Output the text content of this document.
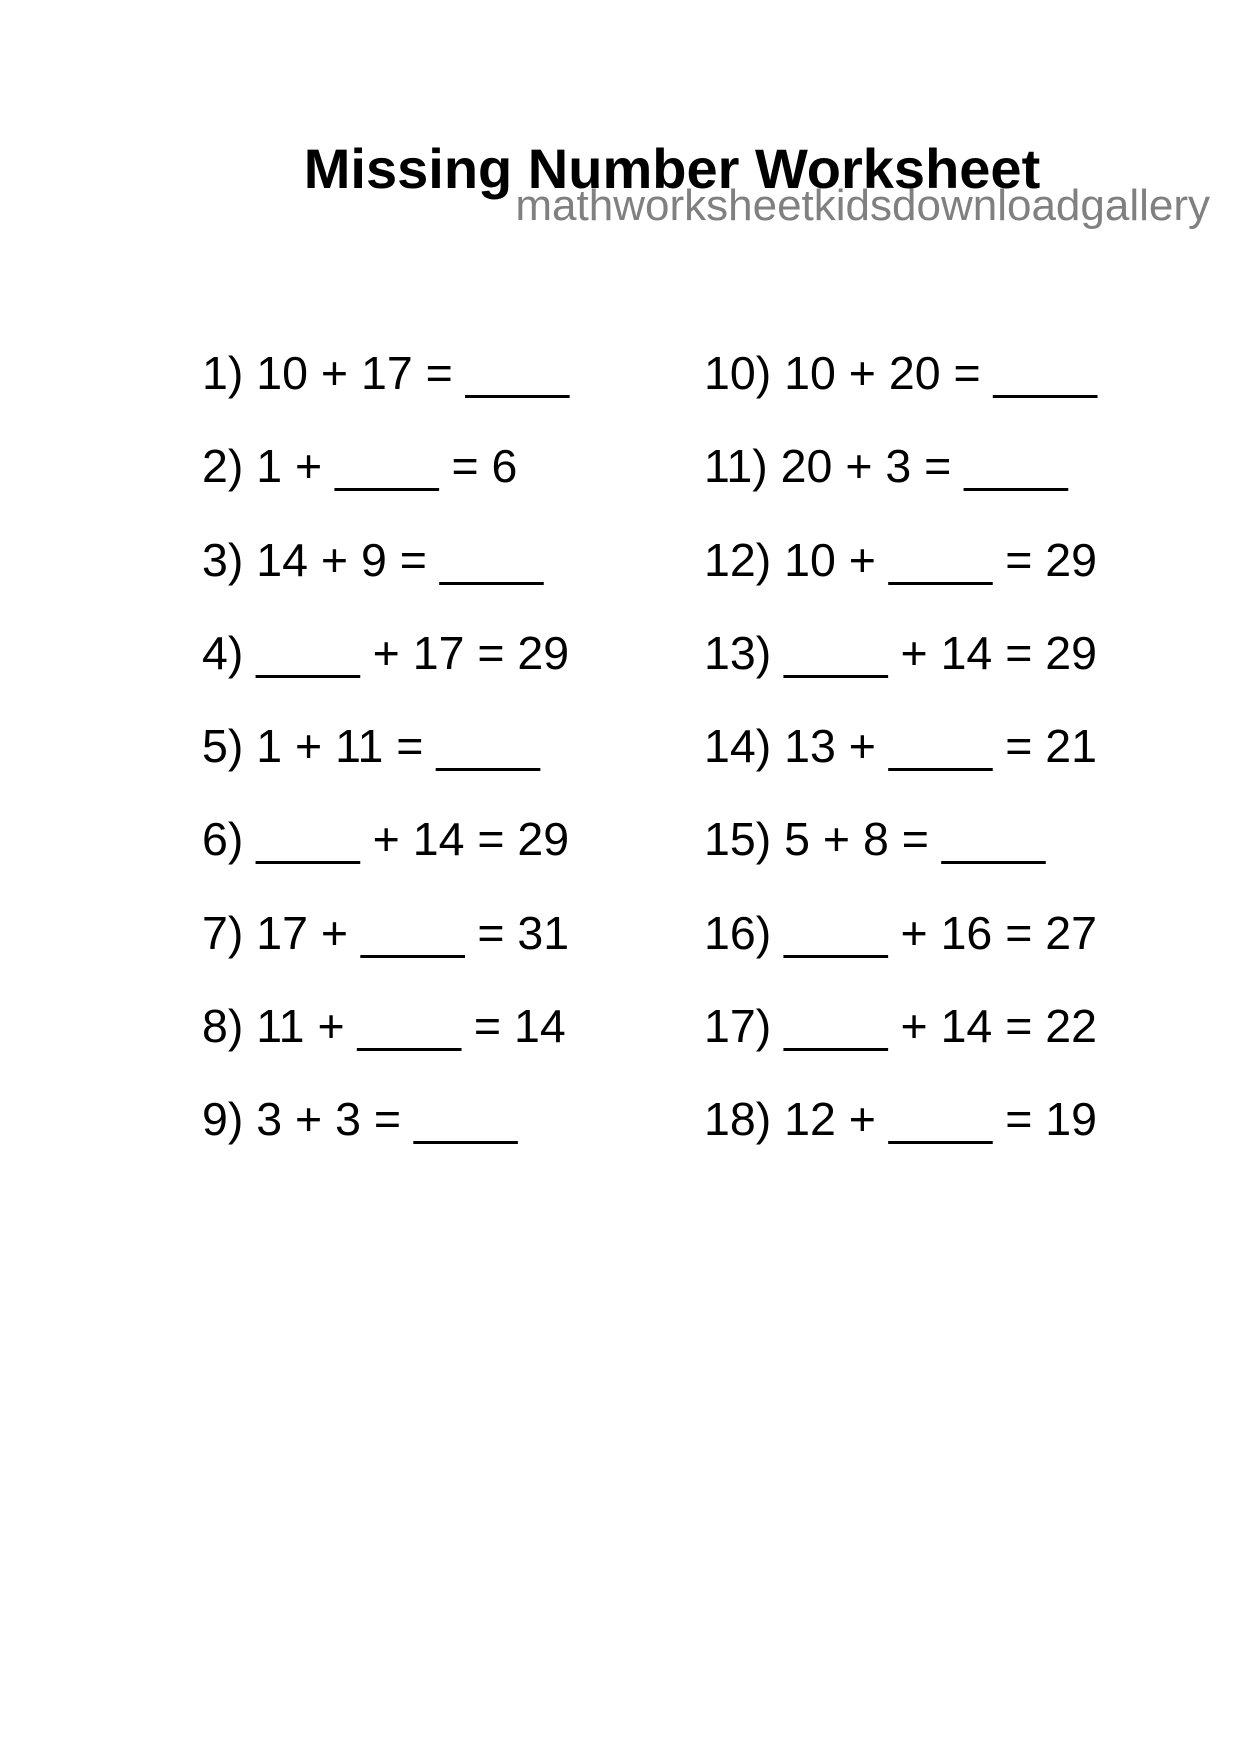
Missing Number Worksheet
mathworksheetkidsdownloadgallery
1) 10 + 17 = ____
2) 1 + ____ = 6
3) 14 + 9 = ____
4) ____ + 17 = 29
5) 1 + 11 = ____
6) ____ + 14 = 29
7) 17 + ____ = 31
8) 11 + ____ = 14
9) 3 + 3 = ____
10) 10 + 20 = ____
11) 20 + 3 = ____
12) 10 + ____ = 29
13) ____ + 14 = 29
14) 13 + ____ = 21
15) 5 + 8 = ____
16) ____ + 16 = 27
17) ____ + 14 = 22
18) 12 + ____ = 19
